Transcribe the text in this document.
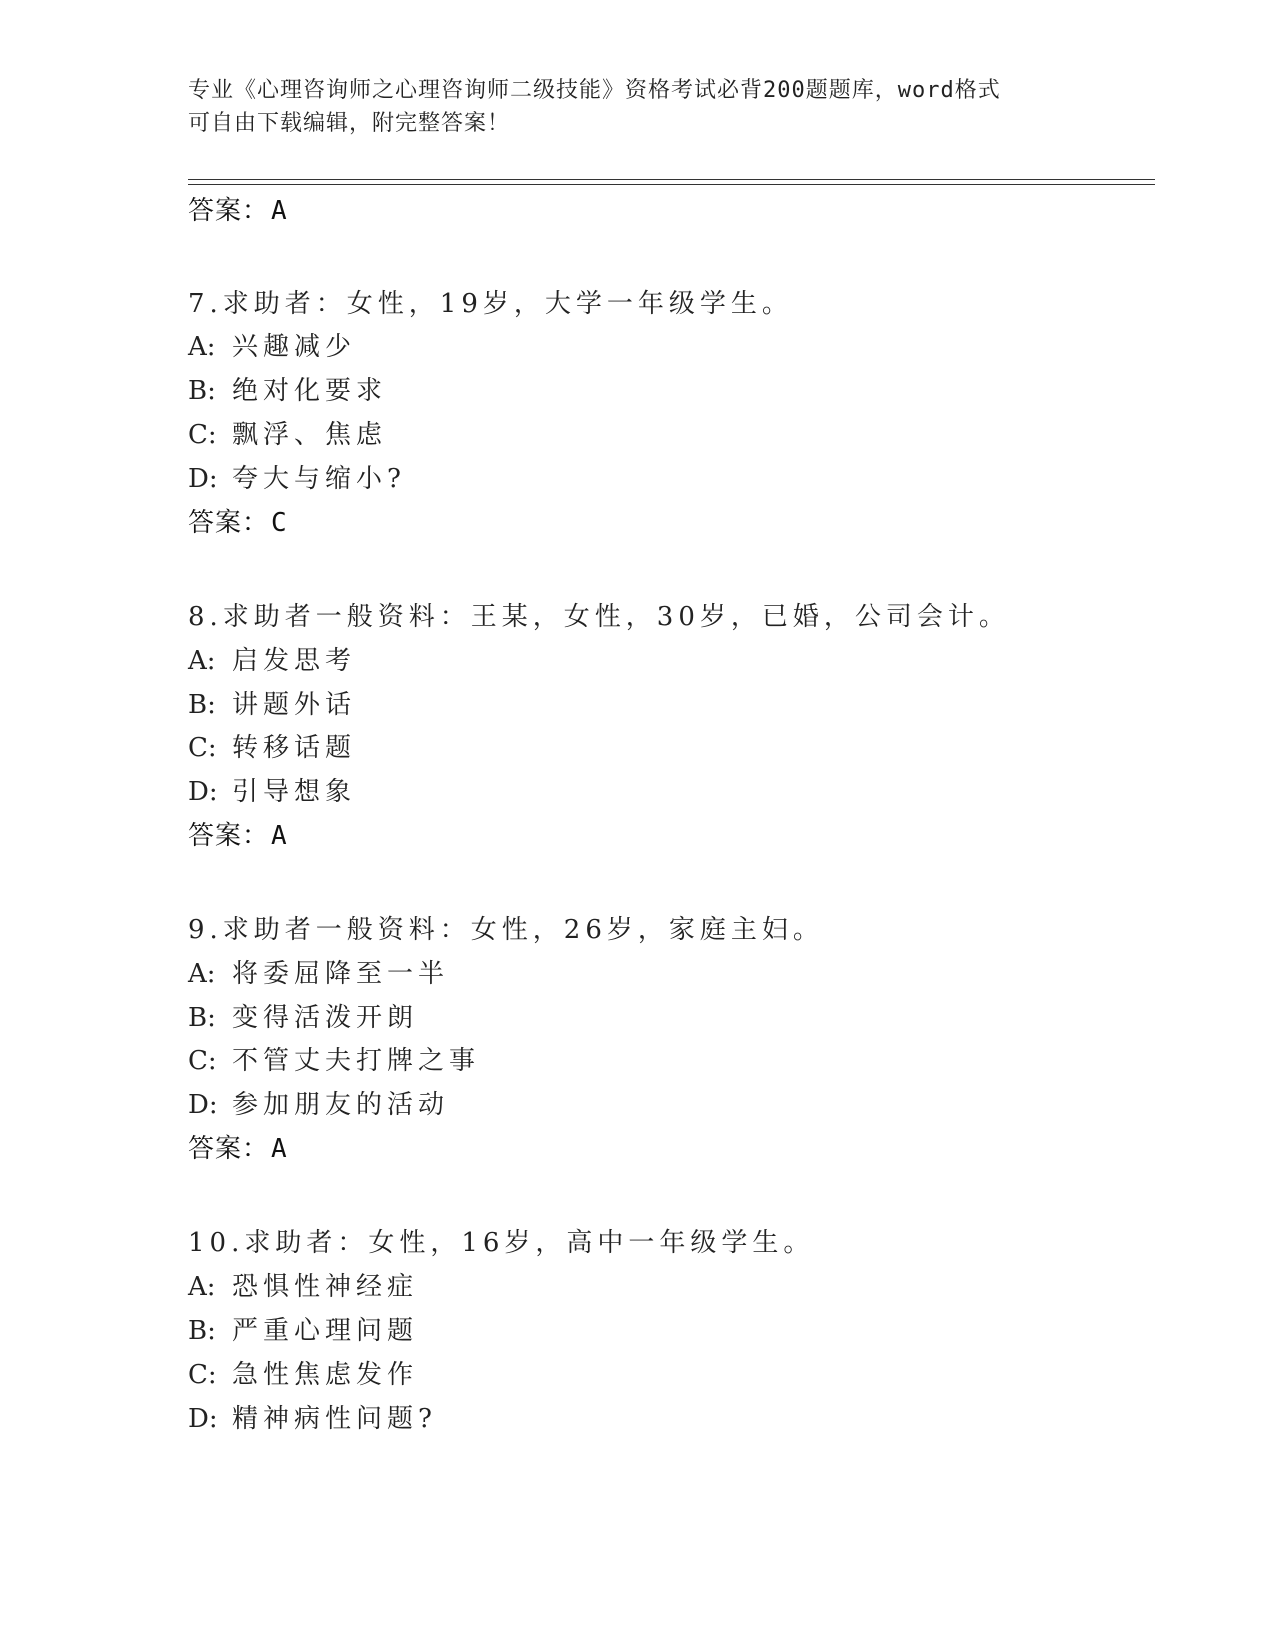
专业《心理咨询师之心理咨询师二级技能》资格考试必背200题题库，word格式
可自由下载编辑，附完整答案！
答案：A
7.求助者：女性，19岁，大学一年级学生。
A: 兴趣减少
B: 绝对化要求
C: 飘浮、焦虑
D: 夸大与缩小?
答案：C
8.求助者一般资料：王某，女性，30岁，已婚，公司会计。
A: 启发思考
B: 讲题外话
C: 转移话题
D: 引导想象
答案：A
9.求助者一般资料：女性，26岁，家庭主妇。
A: 将委屈降至一半
B: 变得活泼开朗
C: 不管丈夫打牌之事
D: 参加朋友的活动
答案：A
10.求助者：女性，16岁，高中一年级学生。
A: 恐惧性神经症
B: 严重心理问题
C: 急性焦虑发作
D: 精神病性问题?
